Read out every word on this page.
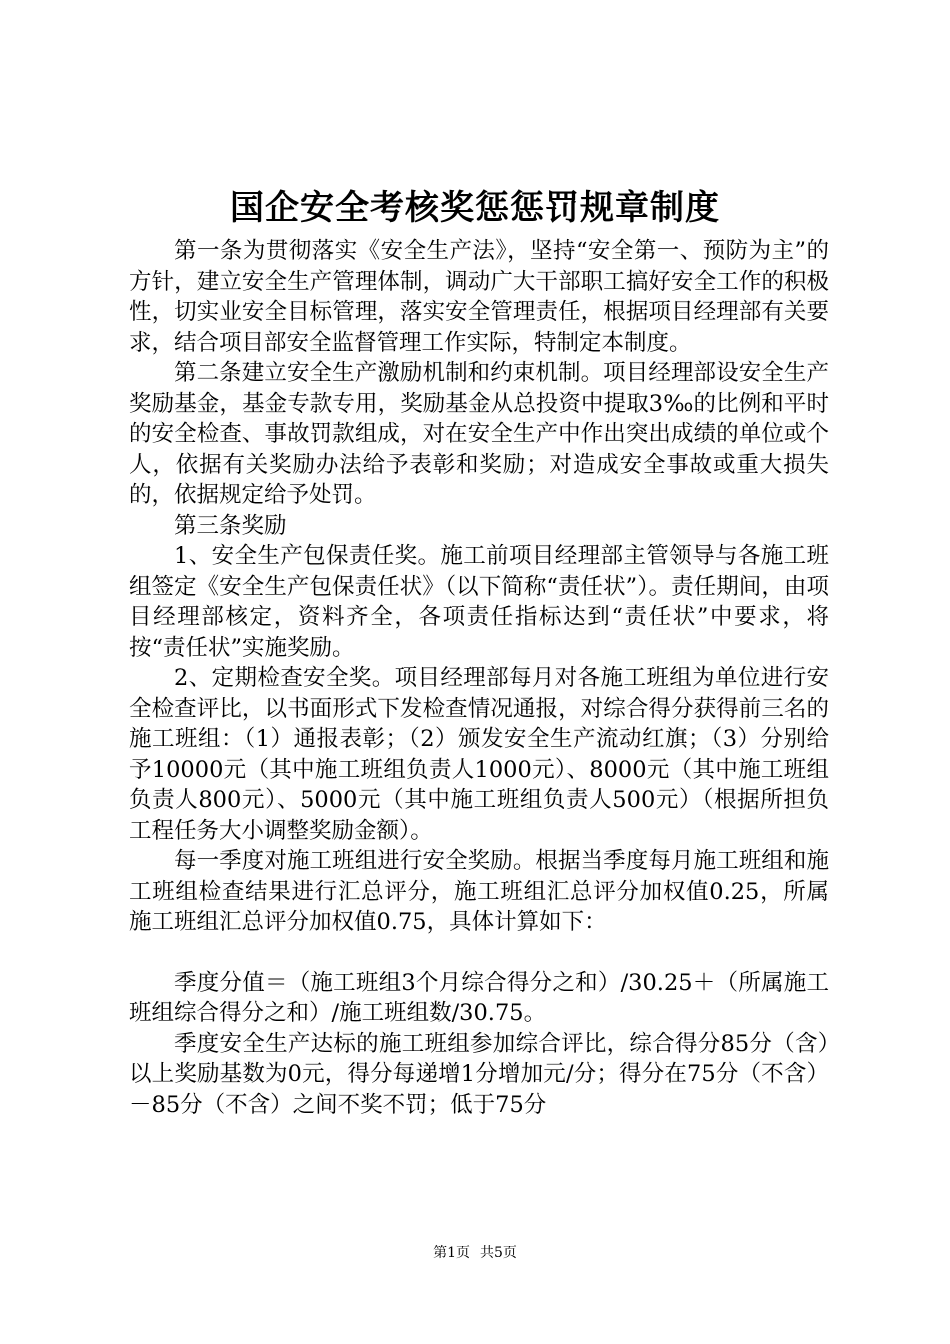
国企安全考核奖惩惩罚规章制度

第一条为贯彻落实《安全生产法》，坚持“安全第一、预防为主”的方针，建立安全生产管理体制，调动广大干部职工搞好安全工作的积极性，切实业安全目标管理，落实安全管理责任，根据项目经理部有关要求，结合项目部安全监督管理工作实际，特制定本制度。

第二条建立安全生产激励机制和约束机制。项目经理部设安全生产奖励基金，基金专款专用，奖励基金从总投资中提取3‰的比例和平时的安全检查、事故罚款组成，对在安全生产中作出突出成绩的单位或个人，依据有关奖励办法给予表彰和奖励；对造成安全事故或重大损失的，依据规定给予处罚。

第三条奖励

1、安全生产包保责任奖。施工前项目经理部主管领导与各施工班组签定《安全生产包保责任状》（以下简称“责任状”）。责任期间，由项目经理部核定，资料齐全，各项责任指标达到“责任状”中要求，将按“责任状”实施奖励。

2、定期检查安全奖。项目经理部每月对各施工班组为单位进行安全检查评比，以书面形式下发检查情况通报，对综合得分获得前三名的施工班组：（1）通报表彰；（2）颁发安全生产流动红旗；（3）分别给予10000元（其中施工班组负责人1000元）、8000元（其中施工班组负责人800元）、5000元（其中施工班组负责人500元）（根据所担负工程任务大小调整奖励金额）。

每一季度对施工班组进行安全奖励。根据当季度每月施工班组和施工班组检查结果进行汇总评分，施工班组汇总评分加权值0.25，所属施工班组汇总评分加权值0.75，具体计算如下：

季度分值＝（施工班组3个月综合得分之和）/30.25＋（所属施工班组综合得分之和）/施工班组数/30.75。

季度安全生产达标的施工班组参加综合评比，综合得分85分（含）以上奖励基数为0元，得分每递增1分增加元/分；得分在75分（不含）－85分（不含）之间不奖不罚；低于75分

第1页 共5页
